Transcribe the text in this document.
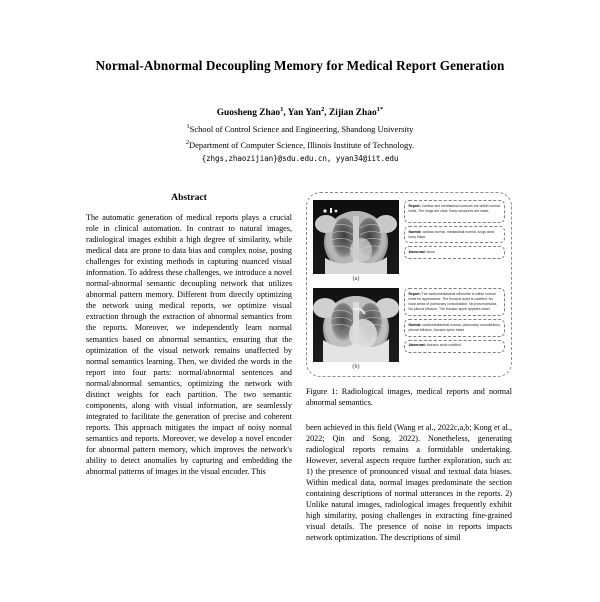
Normal-Abnormal Decoupling Memory for Medical Report Generation
Guosheng Zhao$^1$, Yan Yan$^2$, Zijian Zhao$^{1*}$
$^1$School of Control Science and Engineering, Shandong University
$^2$Department of Computer Science, Illinois Institute of Technology.
{zhgs,zhaozijian}@sdu.edu.cn, yyan34@iit.edu
Abstract

The automatic generation of medical reports plays a crucial role in clinical automation. In contrast to natural images, radiological images exhibit a high degree of similarity, while medical data are prone to data bias and complex noise, posing challenges for existing methods in capturing nuanced visual information. To address these challenges, we introduce a novel normal-abnormal semantic decoupling network that utilizes abnormal pattern memory. Different from directly optimizing the network using medical reports, we optimize visual extraction through the extraction of abnormal semantics from the reports. Moreover, we independently learn normal semantics based on abnormal semantics, ensuring that the optimization of the visual network remains unaffected by normal semantics learning. Then, we divided the words in the report into four parts: normal/abnormal sentences and normal/abnormal semantics, optimizing the network with distinct weights for each partition. The two semantic components, along with visual information, are seamlessly integrated to facilitate the generation of precise and coherent reports. This approach mitigates the impact of noisy normal semantics and reports. Moreover, we develop a novel encoder for abnormal pattern memory, which improves the network's ability to detect anomalies by capturing and embedding the abnormal patterns of images in the visual encoder. This

(a)
Report: Cardiac and mediastinal contours are within normal limits. The lungs are clear. Bony structures are intact.
Normal: cardiac normal, mediastinal normal, lungs clear, bony intact
Abnormal: None
(b)
Report: The cardiomediastinal silhouette is within normal limits for appearance. The thoracic aorta is calcified. No focal areas of pulmonary consolidation. No pneumothorax. No pleural effusion. The thoracic spine appears intact.
Normal: cardiomediastinal normal, pulmonary consolidation, pleural effusion, thoracic spine intact
Abnormal: thoracic aorta calcified

Figure 1: Radiological images, medical reports and normal abnormal semantics.

been achieved in this field (Wang et al., 2022c,a,b; Kong et al., 2022; Qin and Song, 2022). Nonetheless, generating radiological reports remains a formidable undertaking. However, several aspects require further exploration, such as: 1) the presence of pronounced visual and textual data biases. Within medical data, normal images predominate the section containing descriptions of normal utterances in the reports. 2) Unlike natural images, radiological images frequently exhibit high similarity, posing challenges in extracting fine-grained visual details. The presence of noise in reports impacts network optimization. The descriptions of simil
